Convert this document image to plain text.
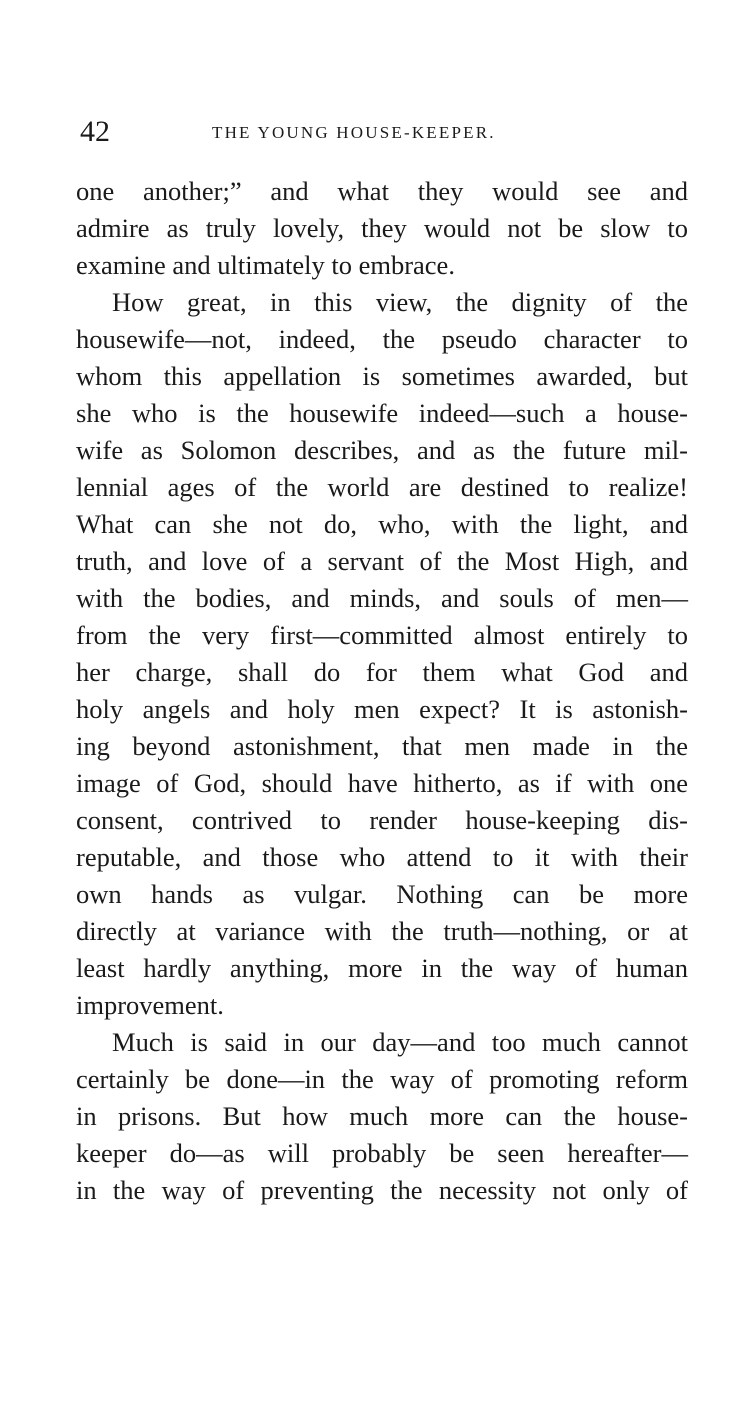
42	THE YOUNG HOUSE-KEEPER.
one another;” and what they would see and
admire as truly lovely, they would not be slow to
examine and ultimately to embrace.
How great, in this view, the dignity of the
housewife—not, indeed, the pseudo character to
whom this appellation is sometimes awarded, but
she who is the housewife indeed—such a house-
wife as Solomon describes, and as the future mil-
lennial ages of the world are destined to realize!
What can she not do, who, with the light, and
truth, and love of a servant of the Most High, and
with the bodies, and minds, and souls of men—
from the very first—committed almost entirely to
her charge, shall do for them what God and
holy angels and holy men expect? It is astonish-
ing beyond astonishment, that men made in the
image of God, should have hitherto, as if with one
consent, contrived to render house-keeping dis-
reputable, and those who attend to it with their
own hands as vulgar. Nothing can be more
directly at variance with the truth—nothing, or at
least hardly anything, more in the way of human
improvement.
Much is said in our day—and too much cannot
certainly be done—in the way of promoting reform
in prisons. But how much more can the house-
keeper do—as will probably be seen hereafter—
in the way of preventing the necessity not only of
